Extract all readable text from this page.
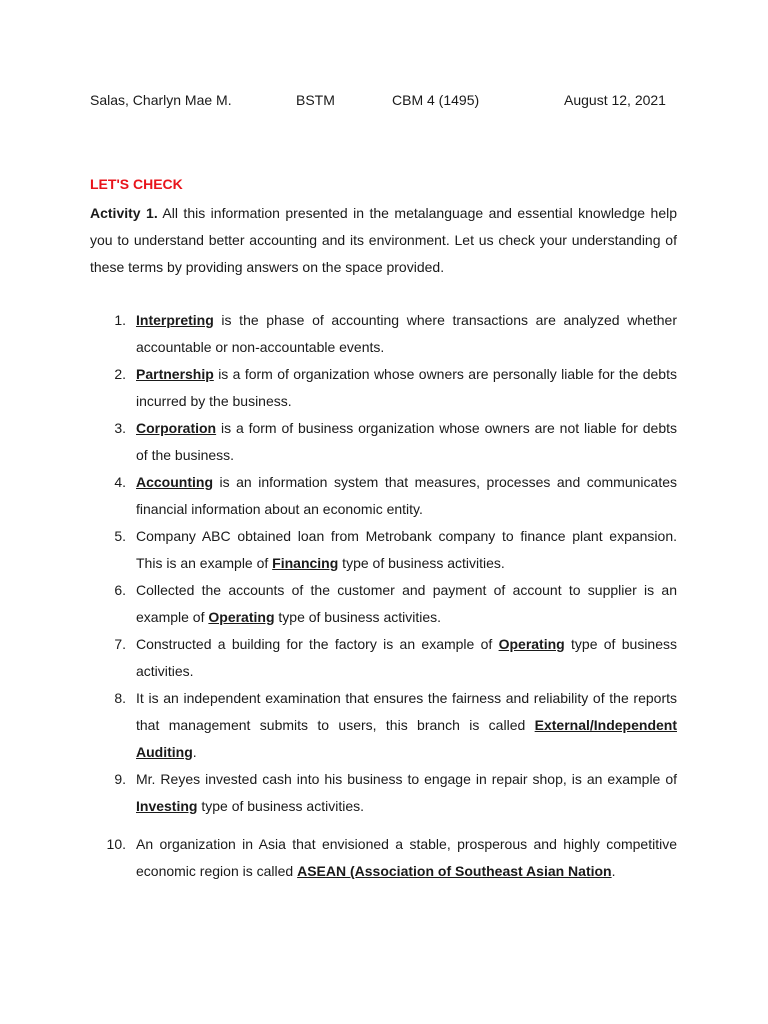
Salas, Charlyn Mae M.	BSTM	CBM 4 (1495)	August 12, 2021
LET'S CHECK
Activity 1. All this information presented in the metalanguage and essential knowledge help you to understand better accounting and its environment. Let us check your understanding of these terms by providing answers on the space provided.
1. Interpreting is the phase of accounting where transactions are analyzed whether accountable or non-accountable events.
2. Partnership is a form of organization whose owners are personally liable for the debts incurred by the business.
3. Corporation is a form of business organization whose owners are not liable for debts of the business.
4. Accounting is an information system that measures, processes and communicates financial information about an economic entity.
5. Company ABC obtained loan from Metrobank company to finance plant expansion. This is an example of Financing type of business activities.
6. Collected the accounts of the customer and payment of account to supplier is an example of Operating type of business activities.
7. Constructed a building for the factory is an example of Operating type of business activities.
8. It is an independent examination that ensures the fairness and reliability of the reports that management submits to users, this branch is called External/Independent Auditing.
9. Mr. Reyes invested cash into his business to engage in repair shop, is an example of Investing type of business activities.
10. An organization in Asia that envisioned a stable, prosperous and highly competitive economic region is called ASEAN (Association of Southeast Asian Nation.
